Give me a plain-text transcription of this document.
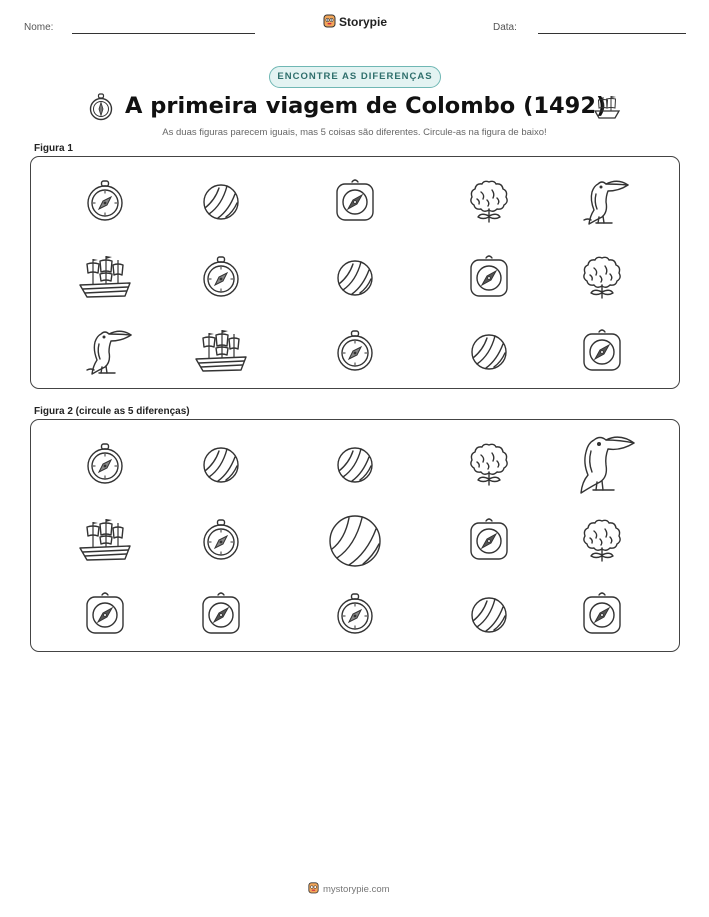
Nome:	Storypie	Data:
ENCONTRE AS DIFERENÇAS
A primeira viagem de Colombo (1492)
As duas figuras parecem iguais, mas 5 coisas são diferentes. Circule-as na figura de baixo!
Figura 1
Figura 2 (circule as 5 diferenças)
mystorypie.com
